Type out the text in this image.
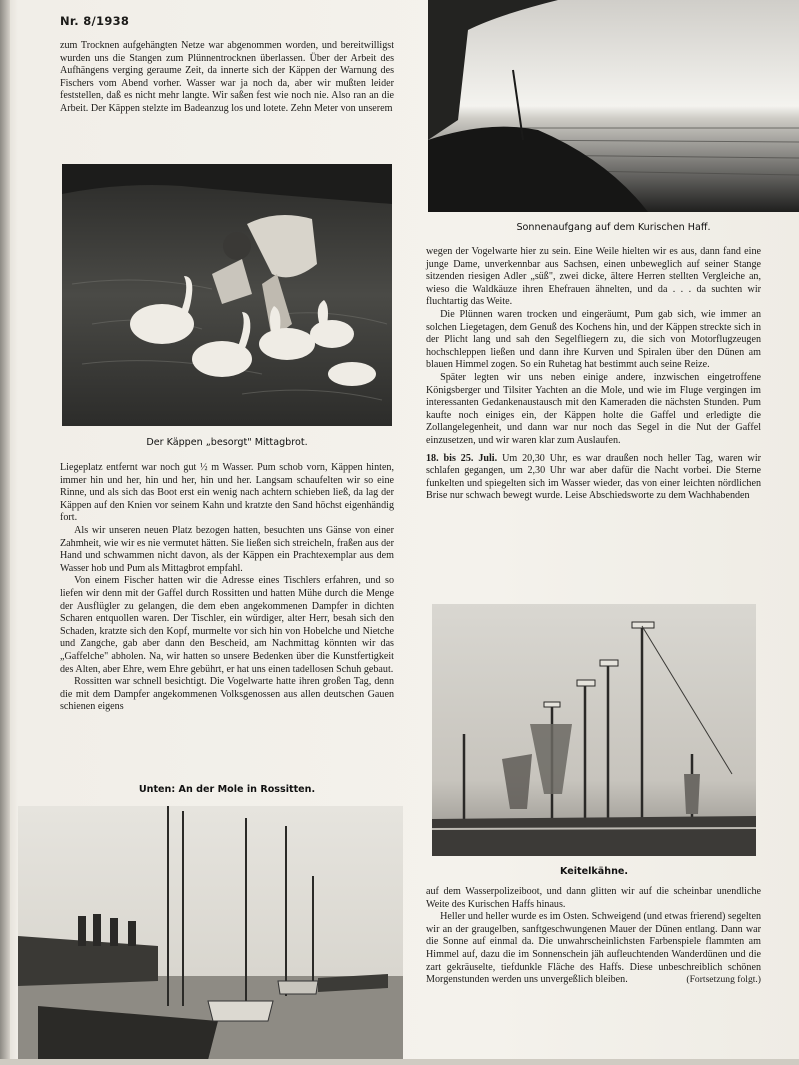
Nr. 8/1938

zum Trocknen aufgehängten Netze war abgenommen worden, und bereitwilligst wurden uns die Stangen zum Plünnentrocknen überlassen. Über der Arbeit des Aufhängens verging geraume Zeit, da innerte sich der Käppen der Warnung des Fischers vom Abend vorher. Wasser war ja noch da, aber wir mußten leider feststellen, daß es nicht mehr langte. Wir saßen fest wie noch nie. Also ran an die Arbeit. Der Käppen stelzte im Badeanzug los und lotete. Zehn Meter von unserem

Der Käppen „besorgt" Mittagbrot.

Liegeplatz entfernt war noch gut ½ m Wasser. Pum schob vorn, Käppen hinten, immer hin und her, hin und her, hin und her. Langsam schaufelten wir so eine Rinne, und als sich das Boot erst ein wenig nach achtern schieben ließ, da lag der Käppen auf den Knien vor seinem Kahn und kratzte den Sand höchst eigenhändig fort.

Als wir unseren neuen Platz bezogen hatten, besuchten uns Gänse von einer Zahmheit, wie wir es nie vermutet hätten. Sie ließen sich streicheln, fraßen aus der Hand und schwammen nicht davon, als der Käppen ein Prachtexemplar aus dem Wasser hob und Pum als Mittagbrot empfahl.

Von einem Fischer hatten wir die Adresse eines Tischlers erfahren, und so liefen wir denn mit der Gaffel durch Rossitten und hatten Mühe durch die Menge der Ausflügler zu gelangen, die dem eben angekommenen Dampfer in dichten Scharen entquollen waren. Der Tischler, ein würdiger, alter Herr, besah sich den Schaden, kratzte sich den Kopf, murmelte vor sich hin von Hobelche und Nietche und Zangche, gab aber dann den Bescheid, am Nachmittag könnten wir das „Gaffelche" abholen. Na, wir hatten so unsere Bedenken über die Kunstfertigkeit des Alten, aber Ehre, wem Ehre gebührt, er hat uns einen tadellosen Schuh gebaut.

Rossitten war schnell besichtigt. Die Vogelwarte hatte ihren großen Tag, denn die mit dem Dampfer angekommenen Volksgenossen aus allen deutschen Gauen schienen eigens

Unten: An der Mole in Rossitten.
Sonnenaufgang auf dem Kurischen Haff.

wegen der Vogelwarte hier zu sein. Eine Weile hielten wir es aus, dann fand eine junge Dame, unverkennbar aus Sachsen, einen unbeweglich auf seiner Stange sitzenden riesigen Adler „süß", zwei dicke, ältere Herren stellten Vergleiche an, wieso die Waldkäuze ihren Ehefrauen ähnelten, und da . . . da suchten wir fluchtartig das Weite.

Die Plünnen waren trocken und eingeräumt, Pum gab sich, wie immer an solchen Liegetagen, dem Genuß des Kochens hin, und der Käppen streckte sich in der Plicht lang und sah den Segelfliegern zu, die sich von Motorflugzeugen hochschleppen ließen und dann ihre Kurven und Spiralen über den Dünen am blauen Himmel zogen. So ein Ruhetag hat bestimmt auch seine Reize.

Später legten wir uns neben einige andere, inzwischen eingetroffene Königsberger und Tilsiter Yachten an die Mole, und wie im Fluge vergingen im interessanten Gedankenaustausch mit den Kameraden die nächsten Stunden. Pum kaufte noch einiges ein, der Käppen holte die Gaffel und erledigte die Zollangelegenheit, und dann war nur noch das Segel in die Nut der Gaffel einzusetzen, und wir waren klar zum Auslaufen.

18. bis 25. Juli. Um 20,30 Uhr, es war draußen noch heller Tag, waren wir schlafen gegangen, um 2,30 Uhr war aber dafür die Nacht vorbei. Die Sterne funkelten und spiegelten sich im Wasser wieder, das von einer leichten nördlichen Brise nur schwach bewegt wurde. Leise Abschiedsworte zu dem Wachhabenden

Keitelkähne.

auf dem Wasserpolizeiboot, und dann glitten wir auf die scheinbar unendliche Weite des Kurischen Haffs hinaus.

Heller und heller wurde es im Osten. Schweigend (und etwas frierend) segelten wir an der graugelben, sanftgeschwungenen Mauer der Dünen entlang. Dann war die Sonne auf einmal da. Die unwahrscheinlichsten Farbenspiele flammten am Himmel auf, dazu die im Sonnenschein jäh aufleuchtenden Wanderdünen und die zart gekräuselte, tiefdunkle Fläche des Haffs. Diese unbeschreiblich schönen Morgenstunden werden uns unvergeßlich bleiben.	(Fortsetzung folgt.)
